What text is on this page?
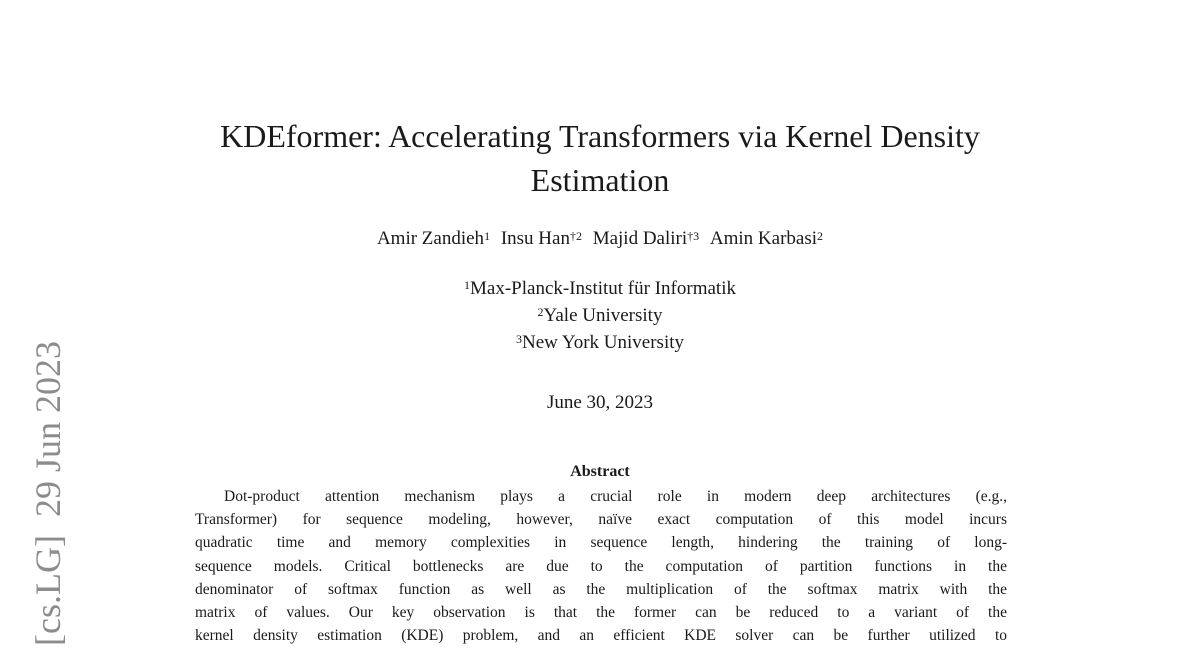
[cs.LG]
29 Jun 2023
KDEformer: Accelerating Transformers via Kernel Density
Estimation
Amir Zandieh$^1$ Insu Han$^{\dagger 2}$ Majid Daliri$^{\dagger 3}$ Amin Karbasi$^2$
$^1$Max-Planck-Institut für Informatik
$^2$Yale University
$^3$New York University
June 30, 2023
Abstract
Dot-product attention mechanism plays a crucial role in modern deep architectures (e.g.,
Transformer) for sequence modeling, however, naïve exact computation of this model incurs
quadratic time and memory complexities in sequence length, hindering the training of long-
sequence models. Critical bottlenecks are due to the computation of partition functions in the
denominator of softmax function as well as the multiplication of the softmax matrix with the
matrix of values. Our key observation is that the former can be reduced to a variant of the
kernel density estimation (KDE) problem, and an efficient KDE solver can be further utilized to
